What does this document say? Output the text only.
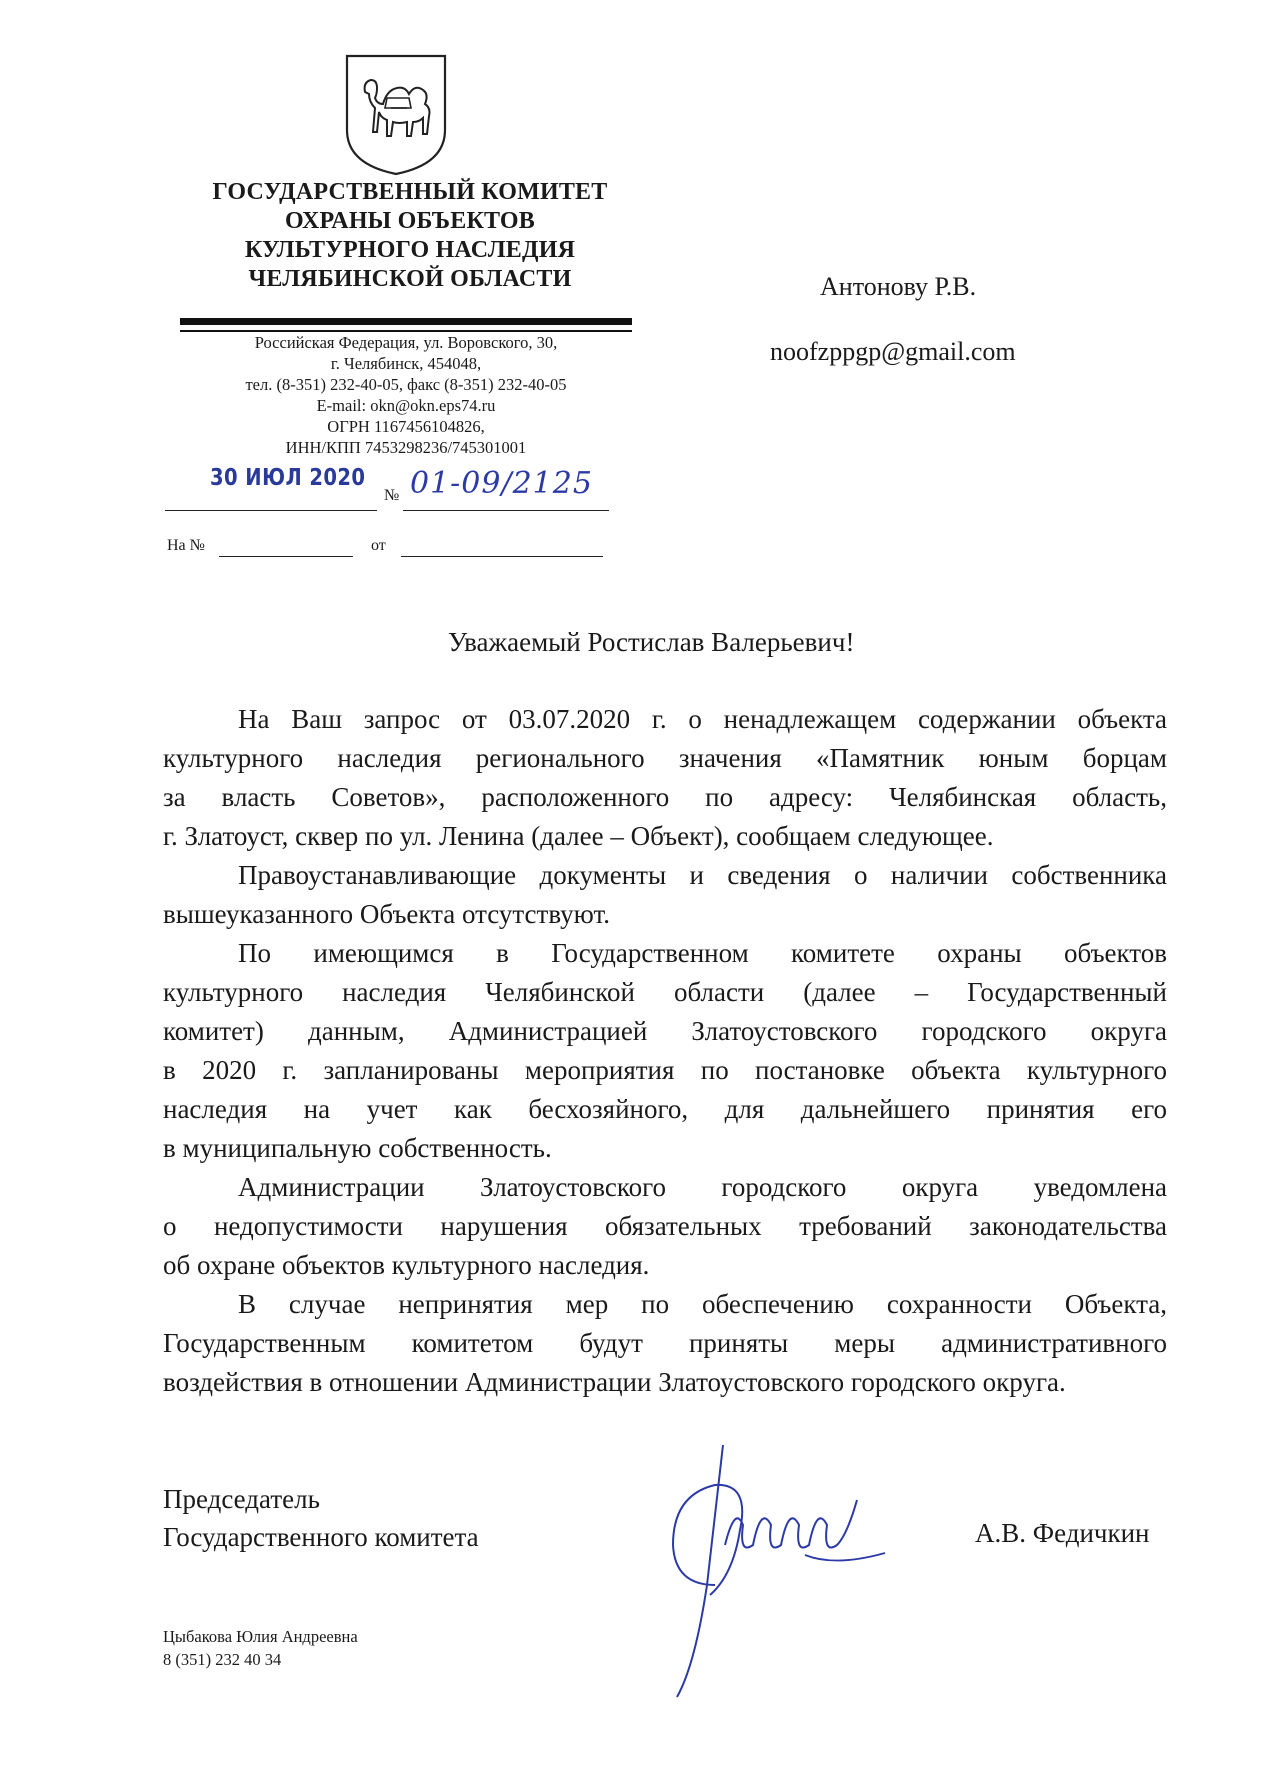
ГОСУДАРСТВЕННЫЙ КОМИТЕТ
ОХРАНЫ ОБЪЕКТОВ
КУЛЬТУРНОГО НАСЛЕДИЯ
ЧЕЛЯБИНСКОЙ ОБЛАСТИ
Российская Федерация, ул. Воровского, 30,
г. Челябинск, 454048,
тел. (8-351) 232-40-05, факс (8-351) 232-40-05
E-mail: okn@okn.eps74.ru
ОГРН 1167456104826,
ИНН/КПП 7453298236/745301001
30 ИЮЛ 2020
№ 01-09/2125
На №	от
Антонову Р.В.
noofzppgp@gmail.com
Уважаемый Ростислав Валерьевич!

На Ваш запрос от 03.07.2020 г. о ненадлежащем содержании объекта
культурного наследия регионального значения «Памятник юным борцам
за власть Советов», расположенного по адресу: Челябинская область,
г. Златоуст, сквер по ул. Ленина (далее – Объект), сообщаем следующее.

Правоустанавливающие документы и сведения о наличии собственника
вышеуказанного Объекта отсутствуют.

По имеющимся в Государственном комитете охраны объектов
культурного наследия Челябинской области (далее – Государственный
комитет) данным, Администрацией Златоустовского городского округа
в 2020 г. запланированы мероприятия по постановке объекта культурного
наследия на учет как бесхозяйного, для дальнейшего принятия его
в муниципальную собственность.

Администрации Златоустовского городского округа уведомлена
о недопустимости нарушения обязательных требований законодательства
об охране объектов культурного наследия.

В случае непринятия мер по обеспечению сохранности Объекта,
Государственным комитетом будут приняты меры административного
воздействия в отношении Администрации Златоустовского городского округа.

Председатель
Государственного комитета	А.В. Федичкин
Цыбакова Юлия Андреевна
8 (351) 232 40 34
